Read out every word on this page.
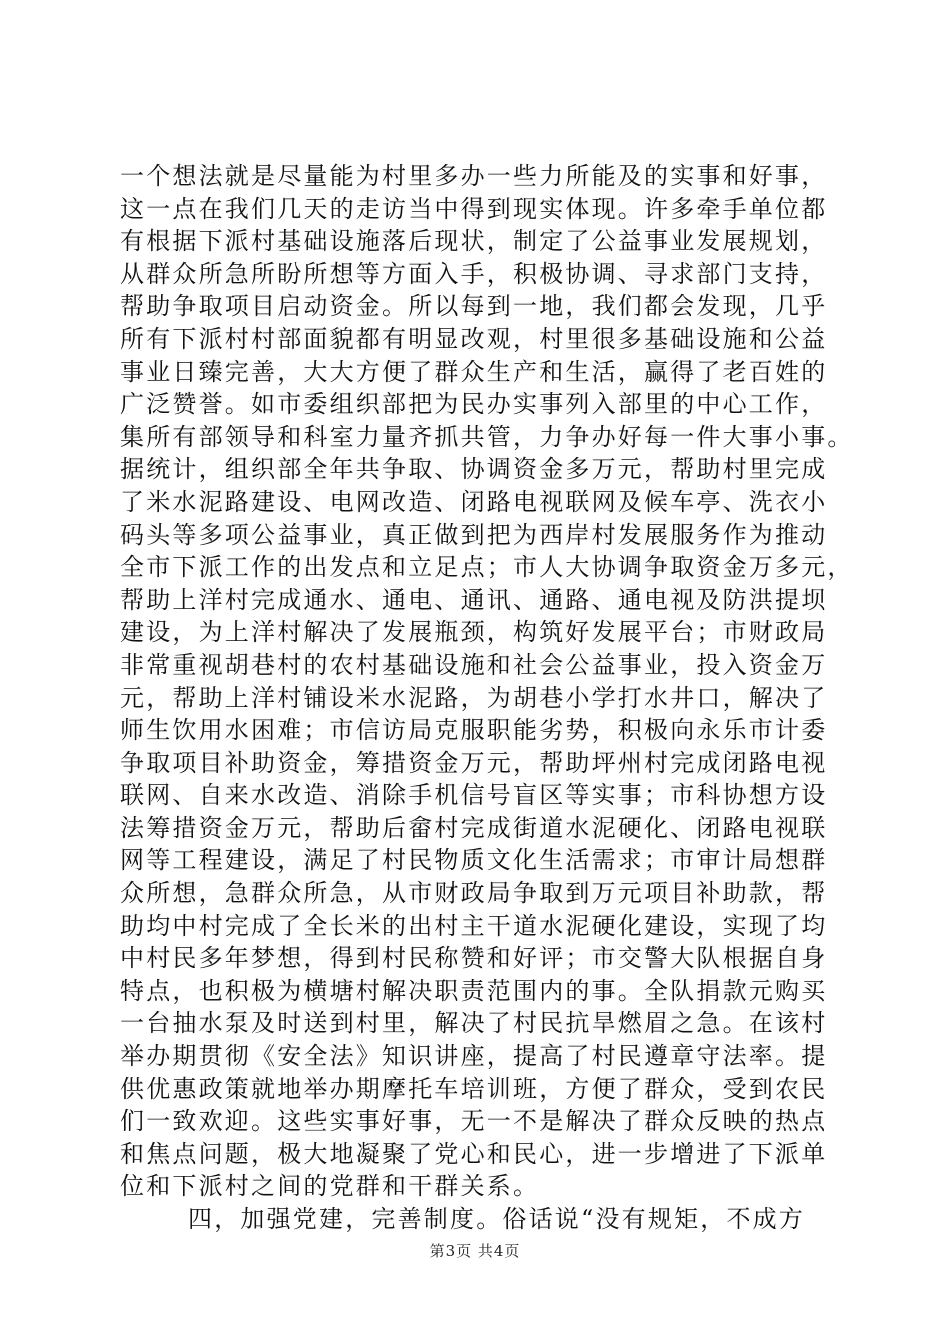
一个想法就是尽量能为村里多办一些力所能及的实事和好事，
这一点在我们几天的走访当中得到现实体现。许多牵手单位都
有根据下派村基础设施落后现状，制定了公益事业发展规划，
从群众所急所盼所想等方面入手，积极协调、寻求部门支持，
帮助争取项目启动资金。所以每到一地，我们都会发现，几乎
所有下派村村部面貌都有明显改观，村里很多基础设施和公益
事业日臻完善，大大方便了群众生产和生活，赢得了老百姓的
广泛赞誉。如市委组织部把为民办实事列入部里的中心工作，
集所有部领导和科室力量齐抓共管，力争办好每一件大事小事。
据统计，组织部全年共争取、协调资金多万元，帮助村里完成
了米水泥路建设、电网改造、闭路电视联网及候车亭、洗衣小
码头等多项公益事业，真正做到把为西岸村发展服务作为推动
全市下派工作的出发点和立足点；市人大协调争取资金万多元，
帮助上洋村完成通水、通电、通讯、通路、通电视及防洪提坝
建设，为上洋村解决了发展瓶颈，构筑好发展平台；市财政局
非常重视胡巷村的农村基础设施和社会公益事业，投入资金万
元，帮助上洋村铺设米水泥路，为胡巷小学打水井口，解决了
师生饮用水困难；市信访局克服职能劣势，积极向永乐市计委
争取项目补助资金，筹措资金万元，帮助坪州村完成闭路电视
联网、自来水改造、消除手机信号盲区等实事；市科协想方设
法筹措资金万元，帮助后畲村完成街道水泥硬化、闭路电视联
网等工程建设，满足了村民物质文化生活需求；市审计局想群
众所想，急群众所急，从市财政局争取到万元项目补助款，帮
助均中村完成了全长米的出村主干道水泥硬化建设，实现了均
中村民多年梦想，得到村民称赞和好评；市交警大队根据自身
特点，也积极为横塘村解决职责范围内的事。全队捐款元购买
一台抽水泵及时送到村里，解决了村民抗旱燃眉之急。在该村
举办期贯彻《安全法》知识讲座，提高了村民遵章守法率。提
供优惠政策就地举办期摩托车培训班，方便了群众，受到农民
们一致欢迎。这些实事好事，无一不是解决了群众反映的热点
和焦点问题，极大地凝聚了党心和民心，进一步增进了下派单
位和下派村之间的党群和干群关系。
四，加强党建，完善制度。俗话说“没有规矩，不成方
第3页 共4页
